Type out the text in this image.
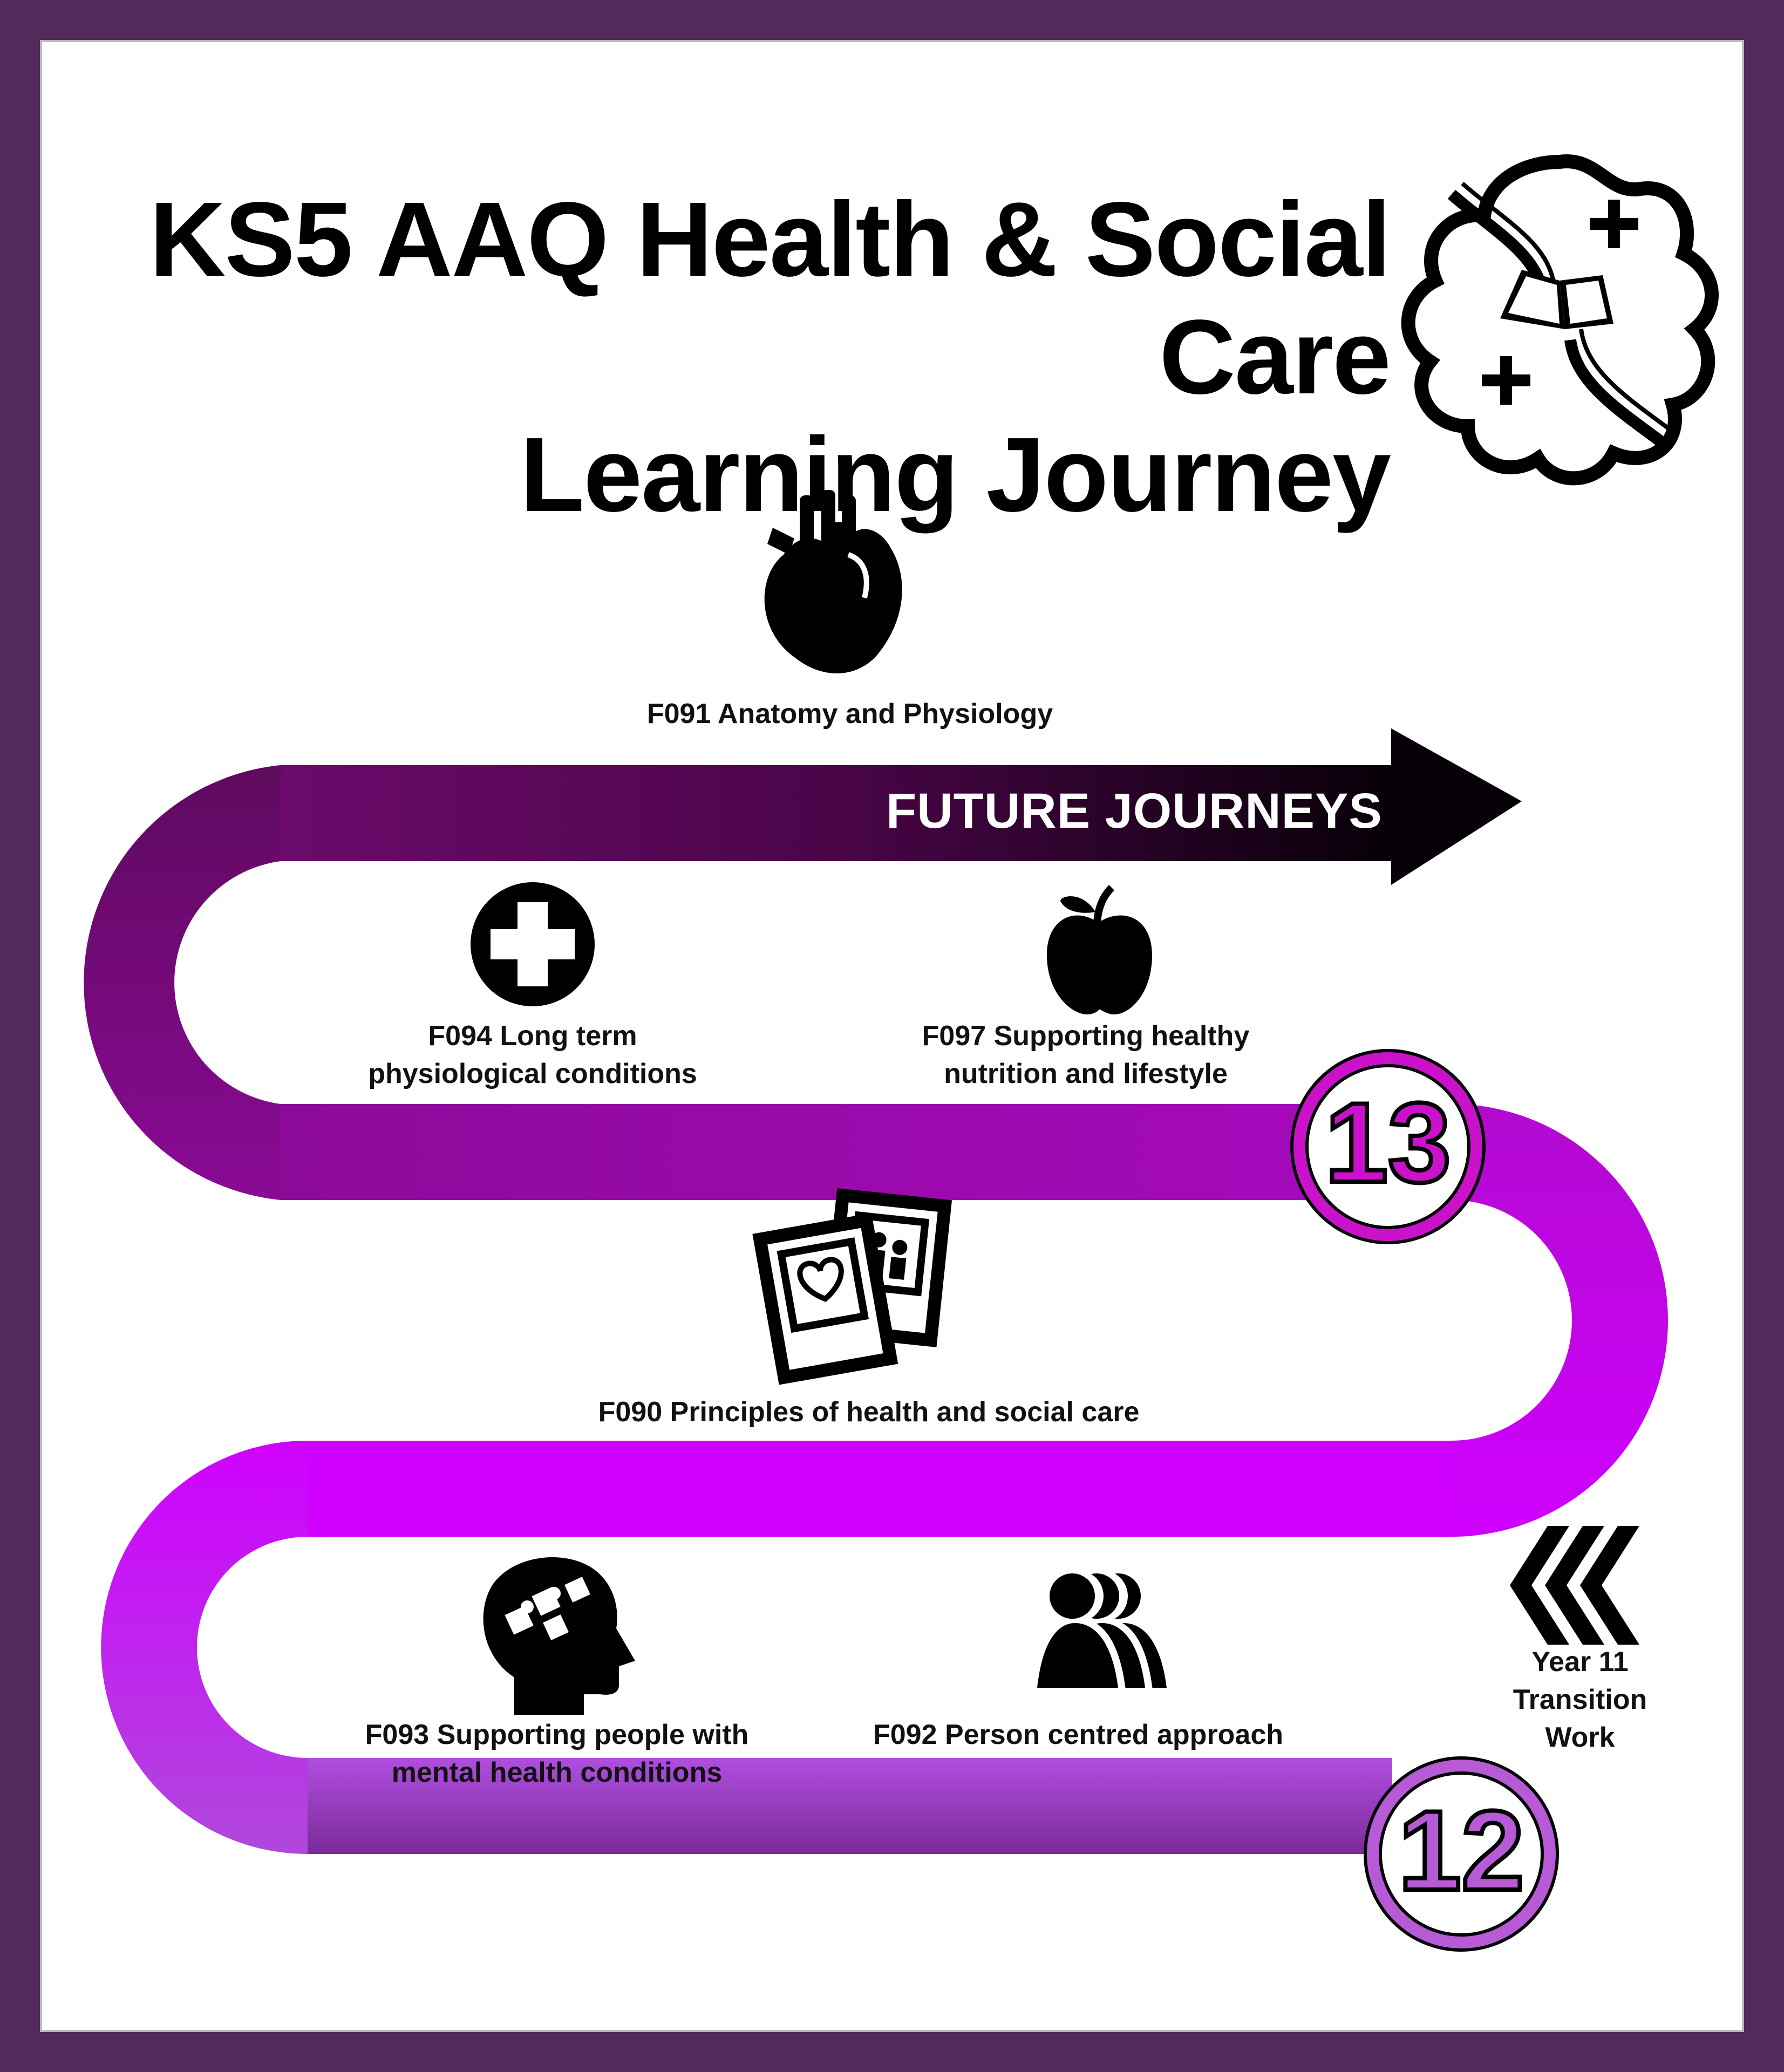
KS5 AAQ Health & Social Care
Learning Journey
FUTURE JOURNEYS
F091 Anatomy and Physiology
F094 Long term
physiological conditions
F097 Supporting healthy
nutrition and lifestyle
F090 Principles of health and social care
F093 Supporting people with
mental health conditions
F092 Person centred approach
Year 11
Transition
Work
13
12
